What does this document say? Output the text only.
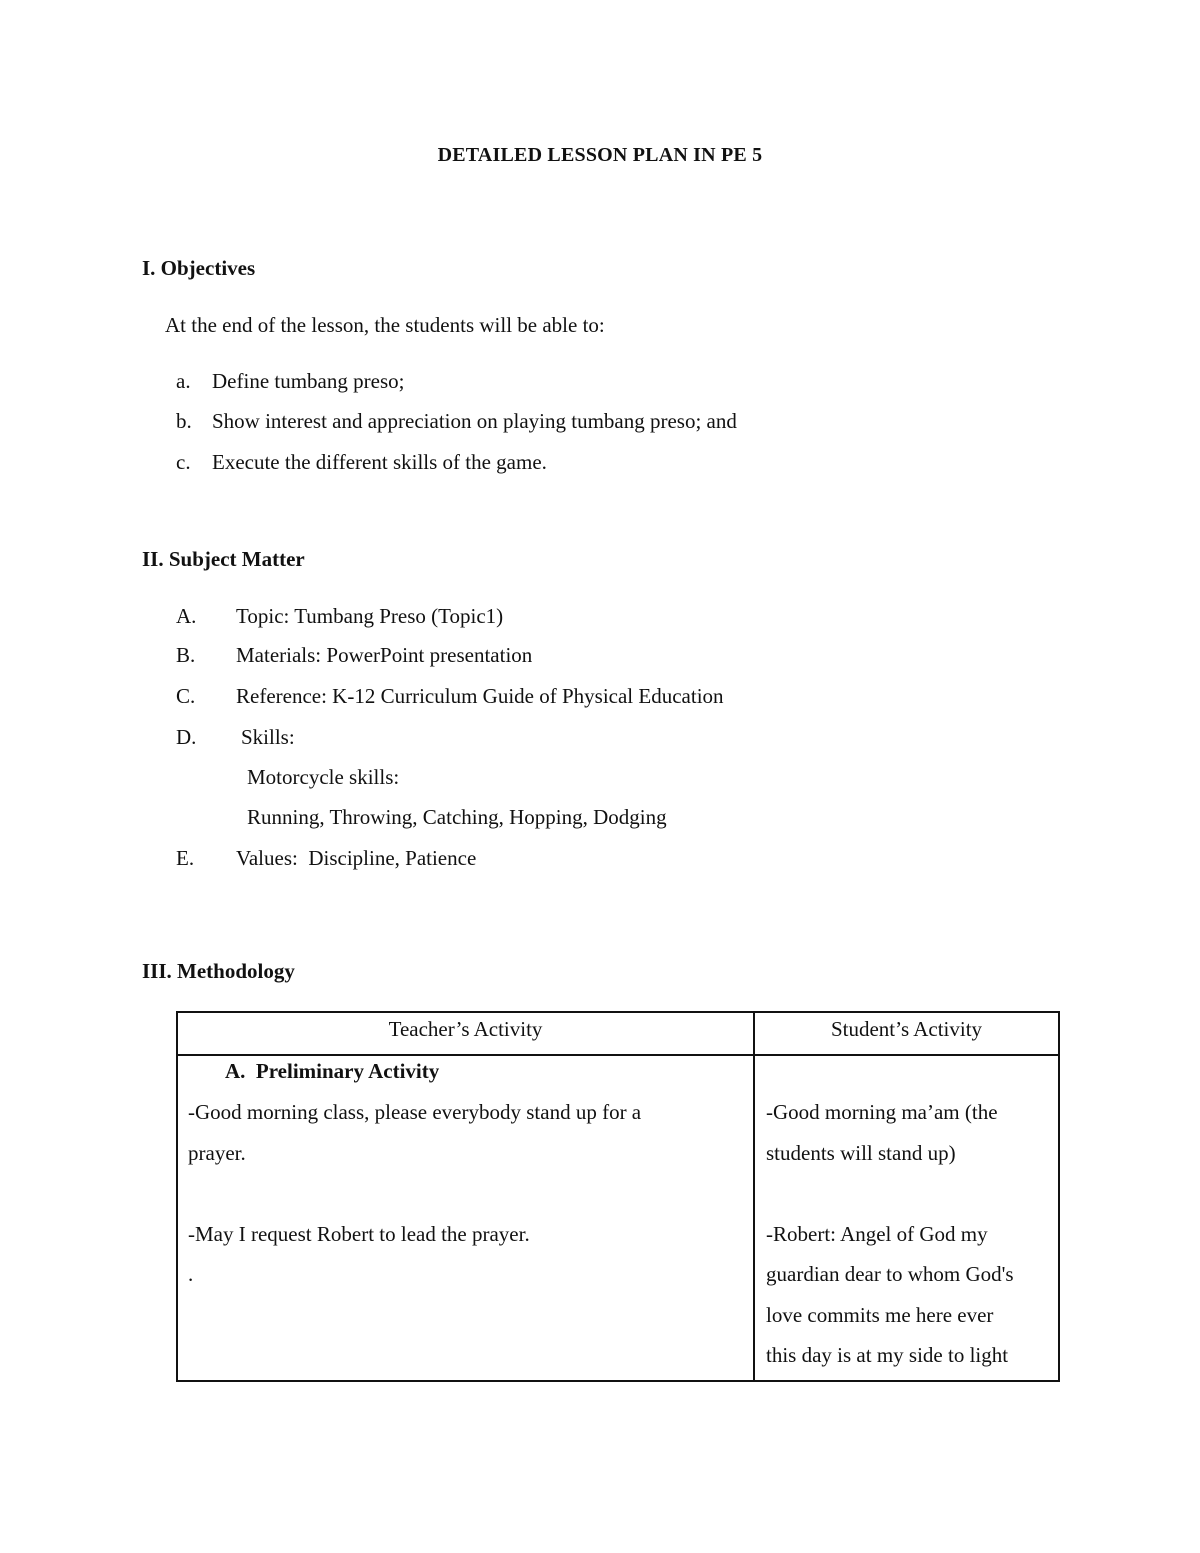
DETAILED LESSON PLAN IN PE 5
I. Objectives
At the end of the lesson, the students will be able to:
a. Define tumbang preso;
b. Show interest and appreciation on playing tumbang preso; and
c. Execute the different skills of the game.
II. Subject Matter
A. Topic: Tumbang Preso (Topic1)
B. Materials: PowerPoint presentation
C. Reference: K-12 Curriculum Guide of Physical Education
D. Skills:
Motorcycle skills:
Running, Throwing, Catching, Hopping, Dodging
E. Values:  Discipline, Patience
III. Methodology
Teacher’s Activity	Student’s Activity
A.  Preliminary Activity
-Good morning class, please everybody stand up for a
prayer.
-May I request Robert to lead the prayer.
.
-Good morning ma’am (the
students will stand up)
-Robert: Angel of God my
guardian dear to whom God's
love commits me here ever
this day is at my side to light
